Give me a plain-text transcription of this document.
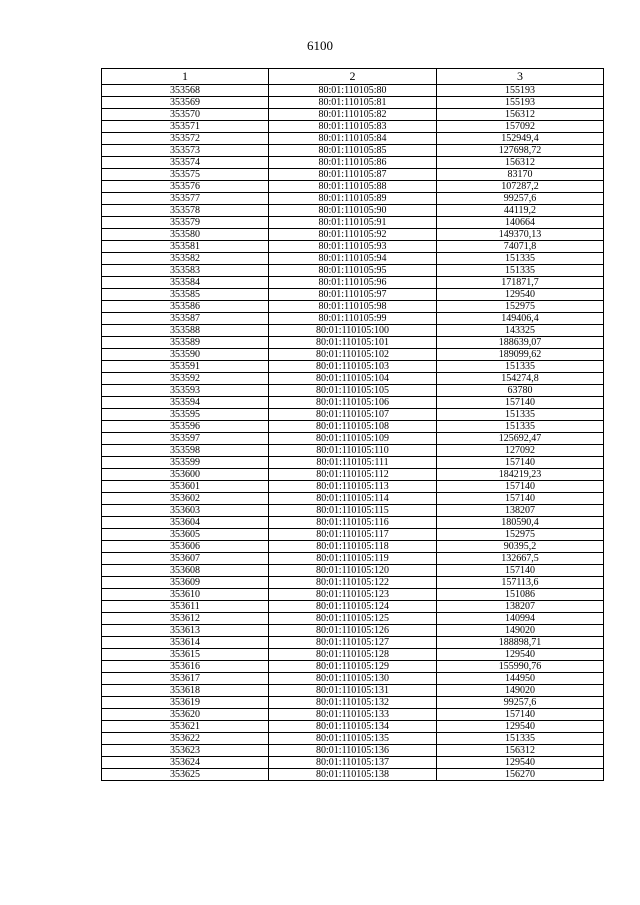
6100
1	2	3
353568	80:01:110105:80	155193
353569	80:01:110105:81	155193
353570	80:01:110105:82	156312
353571	80:01:110105:83	157092
353572	80:01:110105:84	152949,4
353573	80:01:110105:85	127698,72
353574	80:01:110105:86	156312
353575	80:01:110105:87	83170
353576	80:01:110105:88	107287,2
353577	80:01:110105:89	99257,6
353578	80:01:110105:90	44119,2
353579	80:01:110105:91	140664
353580	80:01:110105:92	149370,13
353581	80:01:110105:93	74071,8
353582	80:01:110105:94	151335
353583	80:01:110105:95	151335
353584	80:01:110105:96	171871,7
353585	80:01:110105:97	129540
353586	80:01:110105:98	152975
353587	80:01:110105:99	149406,4
353588	80:01:110105:100	143325
353589	80:01:110105:101	188639,07
353590	80:01:110105:102	189099,62
353591	80:01:110105:103	151335
353592	80:01:110105:104	154274,8
353593	80:01:110105:105	63780
353594	80:01:110105:106	157140
353595	80:01:110105:107	151335
353596	80:01:110105:108	151335
353597	80:01:110105:109	125692,47
353598	80:01:110105:110	127092
353599	80:01:110105:111	157140
353600	80:01:110105:112	184219,23
353601	80:01:110105:113	157140
353602	80:01:110105:114	157140
353603	80:01:110105:115	138207
353604	80:01:110105:116	180590,4
353605	80:01:110105:117	152975
353606	80:01:110105:118	90395,2
353607	80:01:110105:119	132667,5
353608	80:01:110105:120	157140
353609	80:01:110105:122	157113,6
353610	80:01:110105:123	151086
353611	80:01:110105:124	138207
353612	80:01:110105:125	140994
353613	80:01:110105:126	149020
353614	80:01:110105:127	188898,71
353615	80:01:110105:128	129540
353616	80:01:110105:129	155990,76
353617	80:01:110105:130	144950
353618	80:01:110105:131	149020
353619	80:01:110105:132	99257,6
353620	80:01:110105:133	157140
353621	80:01:110105:134	129540
353622	80:01:110105:135	151335
353623	80:01:110105:136	156312
353624	80:01:110105:137	129540
353625	80:01:110105:138	156270
